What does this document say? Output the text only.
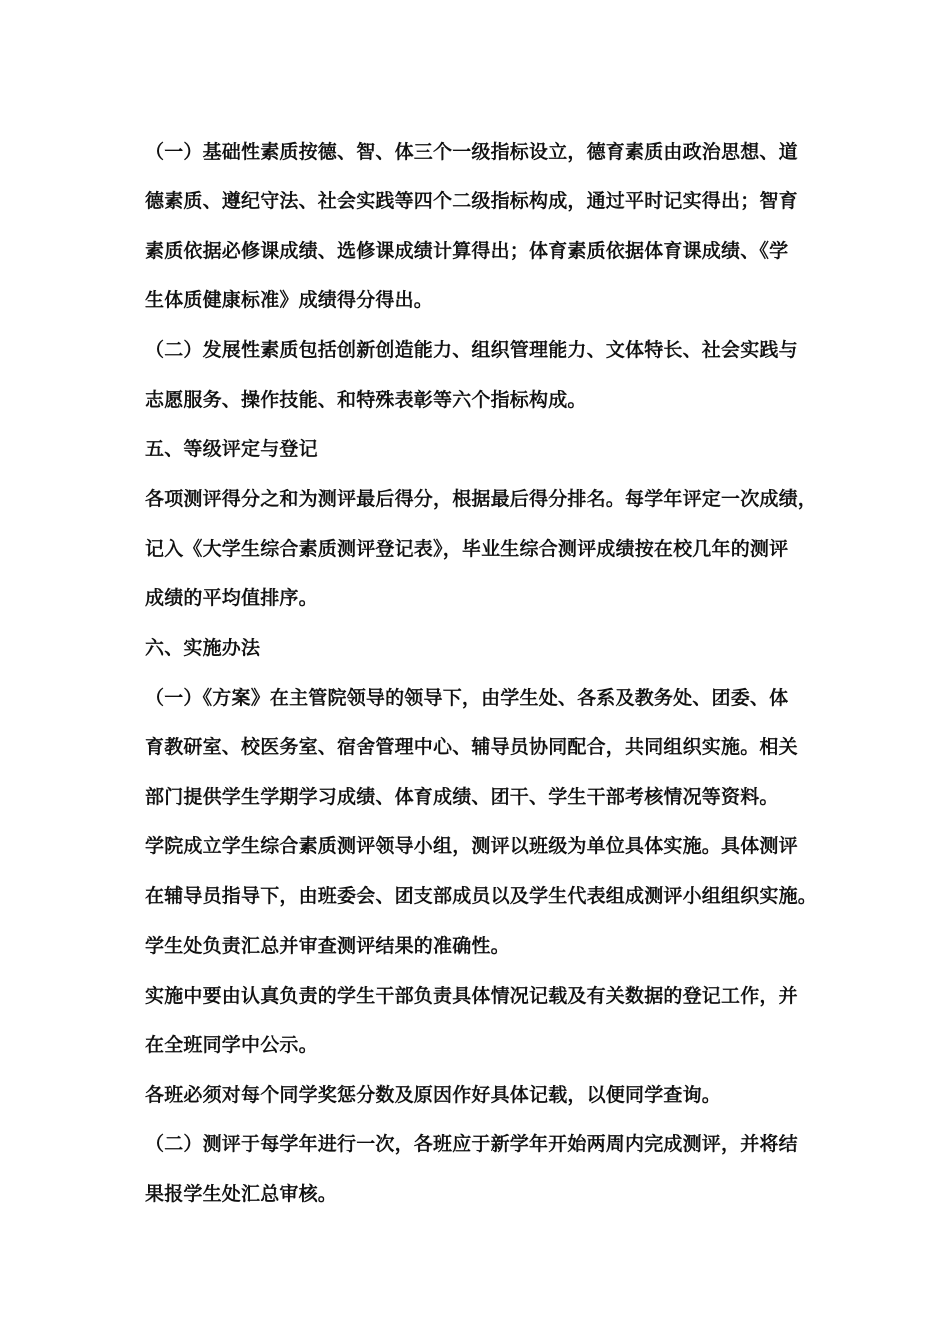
（一）基础性素质按德、智、体三个一级指标设立，德育素质由政治思想、道
德素质、遵纪守法、社会实践等四个二级指标构成，通过平时记实得出；智育
素质依据必修课成绩、选修课成绩计算得出；体育素质依据体育课成绩、《学
生体质健康标准》成绩得分得出。
（二）发展性素质包括创新创造能力、组织管理能力、文体特长、社会实践与
志愿服务、操作技能、和特殊表彰等六个指标构成。
五、等级评定与登记
各项测评得分之和为测评最后得分，根据最后得分排名。每学年评定一次成绩，
记入《大学生综合素质测评登记表》，毕业生综合测评成绩按在校几年的测评
成绩的平均值排序。
六、实施办法
（一）《方案》在主管院领导的领导下，由学生处、各系及教务处、团委、体
育教研室、校医务室、宿舍管理中心、辅导员协同配合，共同组织实施。相关
部门提供学生学期学习成绩、体育成绩、团干、学生干部考核情况等资料。
学院成立学生综合素质测评领导小组，测评以班级为单位具体实施。具体测评
在辅导员指导下，由班委会、团支部成员以及学生代表组成测评小组组织实施。
学生处负责汇总并审查测评结果的准确性。
实施中要由认真负责的学生干部负责具体情况记载及有关数据的登记工作，并
在全班同学中公示。
各班必须对每个同学奖惩分数及原因作好具体记载，以便同学查询。
（二）测评于每学年进行一次，各班应于新学年开始两周内完成测评，并将结
果报学生处汇总审核。
